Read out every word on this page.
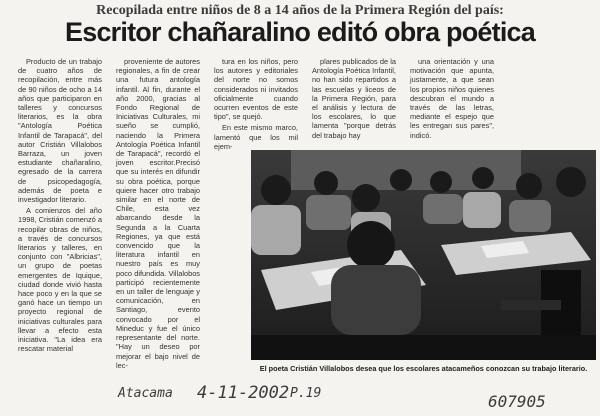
Recopilada entre niños de 8 a 14 años de la Primera Región del país:
Escritor chañaralino editó obra poética

Producto de un trabajo de cuatro años de recopilación, entre más de 90 niños de ocho a 14 años que participaron en talleres y concursos literarios, es la obra "Antología Poética Infantil de Tarapacá", del autor Cristián Villalobos Barraza, un joven estudiante chañaralino, egresado de la carrera de psicopedagogía, además de poeta e investigador literario.

A comienzos del año 1998, Cristián comenzó a recopilar obras de niños, a través de concursos literarios y talleres, en conjunto con "Albricias", un grupo de poetas emergentes de Iquique, ciudad donde vivió hasta hace poco y en la que se ganó hace un tiempo un proyecto regional de iniciativas culturales para llevar a efecto esta iniciativa. "La idea era rescatar material

proveniente de autores regionales, a fin de crear una futura antología infantil. Al fin, durante el año 2000, gracias al Fondo Regional de Iniciativas Culturales, mi sueño se cumplió, naciendo la Primera Antología Poética Infantil de Tarapacá", recordó el joven escritor.Precisó que su interés en difundir su obra poética, porque quiere hacer otro trabajo similar en el norte de Chile, esta vez abarcando desde la Segunda a la Cuarta Regiones, ya que está convencido que la literatura infantil en nuestro país es muy poco difundida. Villalobos participó recientemente en un taller de lenguaje y comunicación, en Santiago, evento convocado por el Mineduc y fue el único representante del norte. "Hay un deseo por mejorar el bajo nivel de lec-

tura en los niños, pero los autores y editoriales del norte no somos considerados ni invitados oficialmente cuando ocurren eventos de este tipo", se quejó.

En este mismo marco, lamentó que los mil ejem-

plares publicados de la Antología Poética Infantil, no han sido repartidos a las escuelas y liceos de la Primera Región, para el análisis y lectura de los escolares, lo que lamenta "porque detrás del trabajo hay

una orientación y una motivación que apunta, justamente, a que sean los propios niños quienes descubran el mundo a través de las letras, mediante el espejo que les entregan sus pares", indicó.

El poeta Cristián Villalobos desea que los escolares atacameños conozcan su trabajo literario.
Atacama 4-11-2002 P.19	607905
